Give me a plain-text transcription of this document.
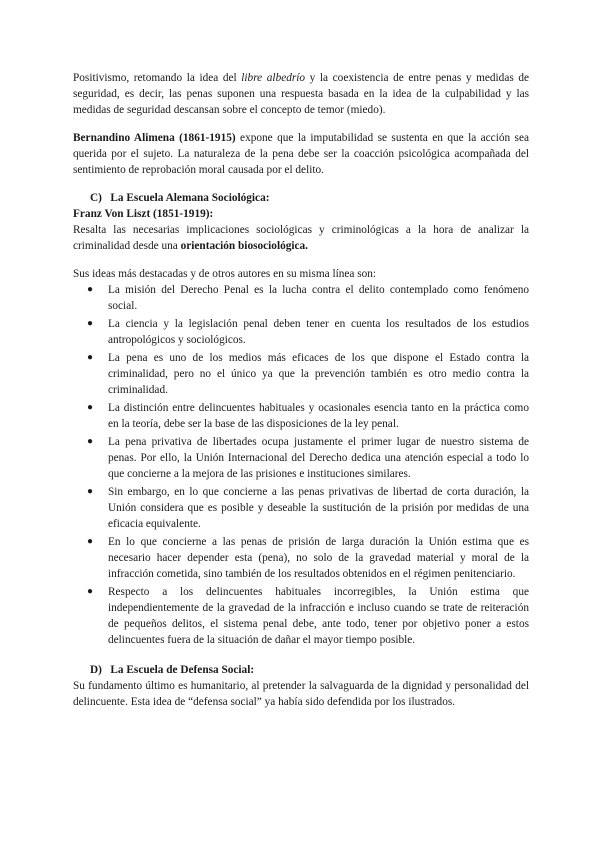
Positivismo, retomando la idea del libre albedrío y la coexistencia de entre penas y medidas de seguridad, es decir, las penas suponen una respuesta basada en la idea de la culpabilidad y las medidas de seguridad descansan sobre el concepto de temor (miedo).

Bernandino Alimena (1861-1915) expone que la imputabilidad se sustenta en que la acción sea querida por el sujeto. La naturaleza de la pena debe ser la coacción psicológica acompañada del sentimiento de reprobación moral causada por el delito.

C)   La Escuela Alemana Sociológica:
Franz Von Liszt (1851-1919):

Resalta las necesarias implicaciones sociológicas y criminológicas a la hora de analizar la criminalidad desde una orientación biosociológica.

Sus ideas más destacadas y de otros autores en su misma línea son:

● La misión del Derecho Penal es la lucha contra el delito contemplado como fenómeno social.
● La ciencia y la legislación penal deben tener en cuenta los resultados de los estudios antropológicos y sociológicos.
● La pena es uno de los medios más eficaces de los que dispone el Estado contra la criminalidad, pero no el único ya que la prevención también es otro medio contra la criminalidad.
● La distinción entre delincuentes habituales y ocasionales esencia tanto en la práctica como en la teoría, debe ser la base de las disposiciones de la ley penal.
● La pena privativa de libertades ocupa justamente el primer lugar de nuestro sistema de penas. Por ello, la Unión Internacional del Derecho dedica una atención especial a todo lo que concierne a la mejora de las prisiones e instituciones similares.
● Sin embargo, en lo que concierne a las penas privativas de libertad de corta duración, la Unión considera que es posible y deseable la sustitución de la prisión por medidas de una eficacia equivalente.
● En lo que concierne a las penas de prisión de larga duración la Unión estima que es necesario hacer depender esta (pena), no solo de la gravedad material y moral de la infracción cometida, sino también de los resultados obtenidos en el régimen penitenciario.
● Respecto a los delincuentes habituales incorregibles, la Unión estima que independientemente de la gravedad de la infracción e incluso cuando se trate de reiteración de pequeños delitos, el sistema penal debe, ante todo, tener por objetivo poner a estos delincuentes fuera de la situación de dañar el mayor tiempo posible.
D)   La Escuela de Defensa Social:

Su fundamento último es humanitario, al pretender la salvaguarda de la dignidad y personalidad del delincuente. Esta idea de “defensa social” ya había sido defendida por los ilustrados.
